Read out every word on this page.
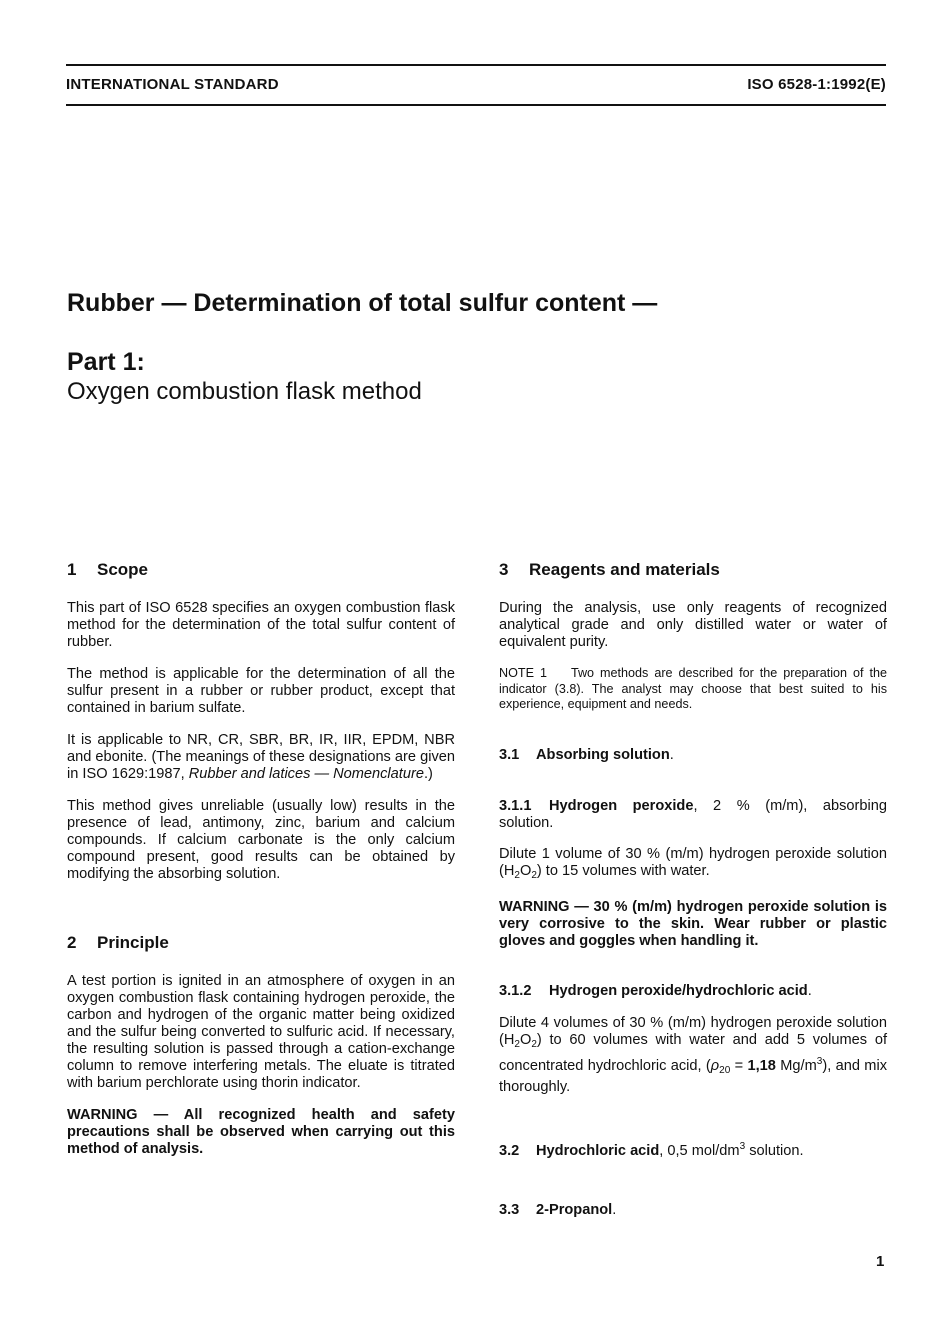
INTERNATIONAL STANDARD	ISO 6528-1:1992(E)
Rubber — Determination of total sulfur content —
Part 1:
Oxygen combustion flask method
1 Scope

This part of ISO 6528 specifies an oxygen combustion flask method for the determination of the total sulfur content of rubber.

The method is applicable for the determination of all the sulfur present in a rubber or rubber product, except that contained in barium sulfate.

It is applicable to NR, CR, SBR, BR, IR, IIR, EPDM, NBR and ebonite. (The meanings of these designations are given in ISO 1629:1987, Rubber and latices — Nomenclature.)

This method gives unreliable (usually low) results in the presence of lead, antimony, zinc, barium and calcium compounds. If calcium carbonate is the only calcium compound present, good results can be obtained by modifying the absorbing solution.

2 Principle

A test portion is ignited in an atmosphere of oxygen in an oxygen combustion flask containing hydrogen peroxide, the carbon and hydrogen of the organic matter being oxidized and the sulfur being converted to sulfuric acid. If necessary, the resulting solution is passed through a cation-exchange column to remove interfering metals. The eluate is titrated with barium perchlorate using thorin indicator.

WARNING — All recognized health and safety precautions shall be observed when carrying out this method of analysis.

3 Reagents and materials

During the analysis, use only reagents of recognized analytical grade and only distilled water or water of equivalent purity.

NOTE 1 Two methods are described for the preparation of the indicator (3.8). The analyst may choose that best suited to his experience, equipment and needs.

3.1 Absorbing solution.

3.1.1 Hydrogen peroxide, 2 % (m/m), absorbing solution.

Dilute 1 volume of 30 % (m/m) hydrogen peroxide solution $(H_2O_2)$ to 15 volumes with water.

WARNING — 30 % (m/m) hydrogen peroxide solution is very corrosive to the skin. Wear rubber or plastic gloves and goggles when handling it.

3.1.2 Hydrogen peroxide/hydrochloric acid.

Dilute 4 volumes of 30 % (m/m) hydrogen peroxide solution $(H_2O_2)$ to 60 volumes with water and add 5 volumes of concentrated hydrochloric acid, ($\rho_{20} = 1,18$ $Mg/m^3$), and mix thoroughly.

3.2 Hydrochloric acid, 0,5 mol/$dm^3$ solution.

3.3 2-Propanol.

1
